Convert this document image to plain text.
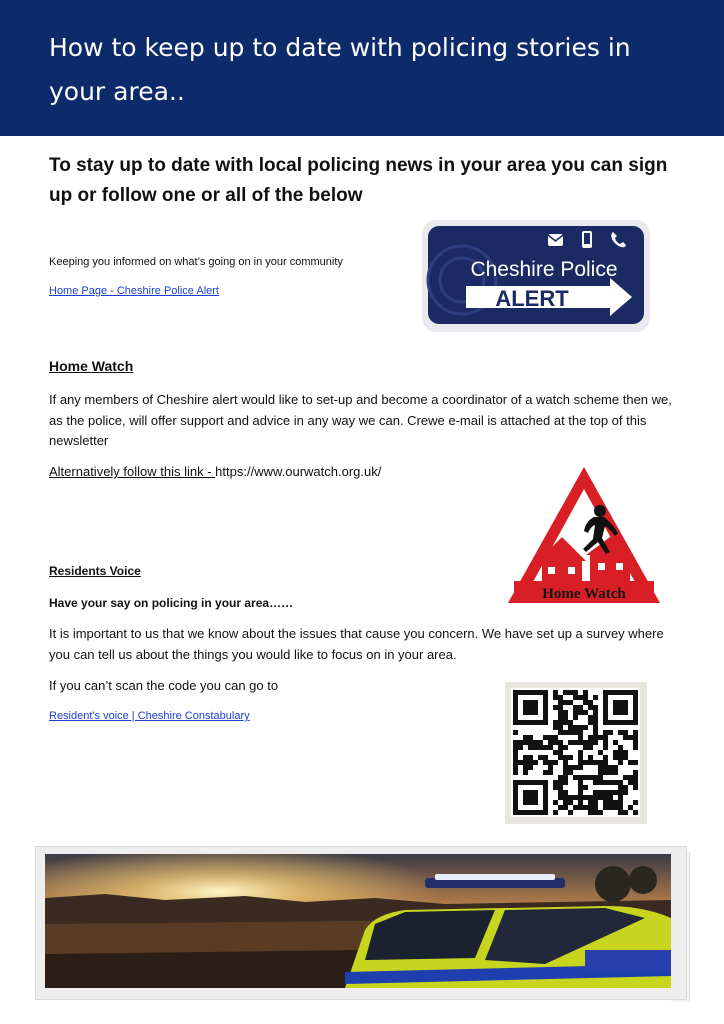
How to keep up to date with policing stories in your area..
To stay up to date with local policing news in your area you can sign up or follow one or all of the below
Keeping you informed on what’s going on in your community
Home Page - Cheshire Police Alert
Cheshire Police
ALERT
Home Watch
If any members of Cheshire alert would like to set-up and become a coordinator of a watch scheme then we, as the police, will offer support and advice in any way we can. Crewe e-mail is attached at the top of this newsletter
Alternatively follow this link - https://www.ourwatch.org.uk/
Home Watch
Residents Voice
Have your say on policing in your area……
It is important to us that we know about the issues that cause you concern. We have set up a survey where you can tell us about the things you would like to focus on in your area.
If you can’t scan the code you can go to
Resident's voice | Cheshire Constabulary
